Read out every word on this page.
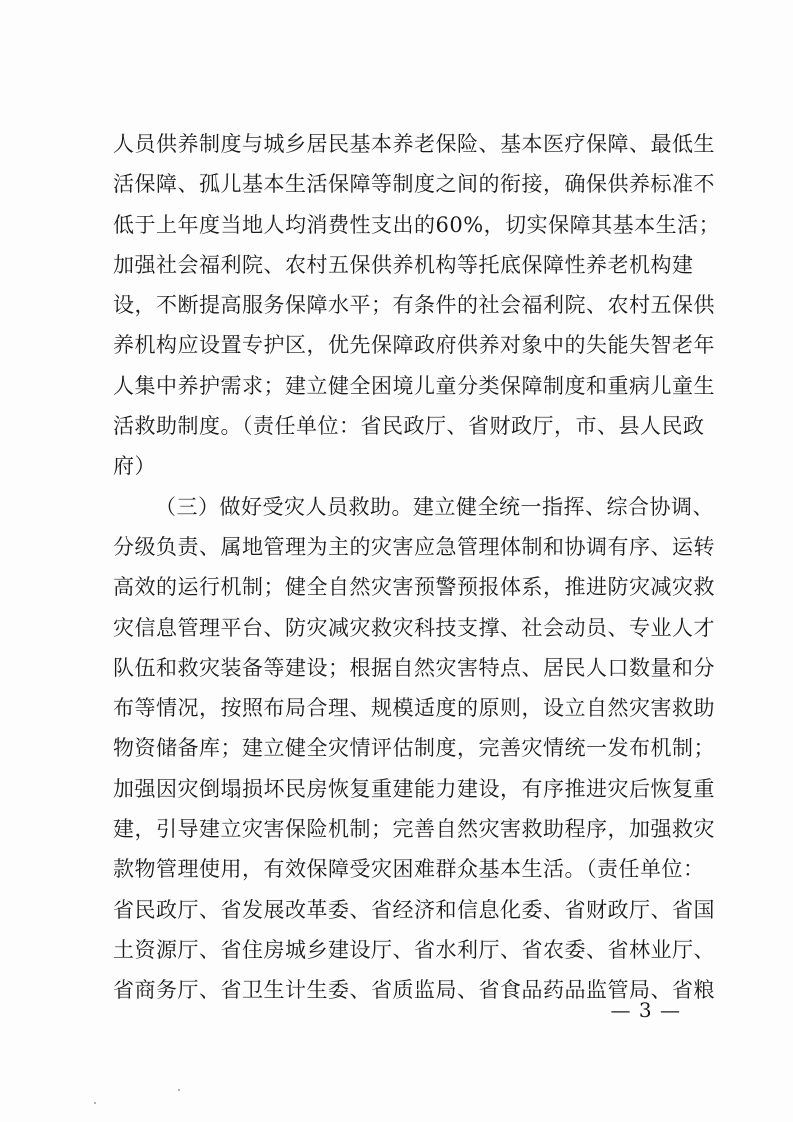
人员供养制度与城乡居民基本养老保险、基本医疗保障、最低生
活保障、孤儿基本生活保障等制度之间的衔接，确保供养标准不
低于上年度当地人均消费性支出的60%，切实保障其基本生活；
加强社会福利院、农村五保供养机构等托底保障性养老机构建
设，不断提高服务保障水平；有条件的社会福利院、农村五保供
养机构应设置专护区，优先保障政府供养对象中的失能失智老年
人集中养护需求；建立健全困境儿童分类保障制度和重病儿童生
活救助制度。（责任单位：省民政厅、省财政厅，市、县人民政
府）
（三）做好受灾人员救助。建立健全统一指挥、综合协调、
分级负责、属地管理为主的灾害应急管理体制和协调有序、运转
高效的运行机制；健全自然灾害预警预报体系，推进防灾减灾救
灾信息管理平台、防灾减灾救灾科技支撑、社会动员、专业人才
队伍和救灾装备等建设；根据自然灾害特点、居民人口数量和分
布等情况，按照布局合理、规模适度的原则，设立自然灾害救助
物资储备库；建立健全灾情评估制度，完善灾情统一发布机制；
加强因灾倒塌损坏民房恢复重建能力建设，有序推进灾后恢复重
建，引导建立灾害保险机制；完善自然灾害救助程序，加强救灾
款物管理使用，有效保障受灾困难群众基本生活。（责任单位：
省民政厅、省发展改革委、省经济和信息化委、省财政厅、省国
土资源厅、省住房城乡建设厅、省水利厅、省农委、省林业厅、
省商务厅、省卫生计生委、省质监局、省食品药品监管局、省粮
— 3 —
